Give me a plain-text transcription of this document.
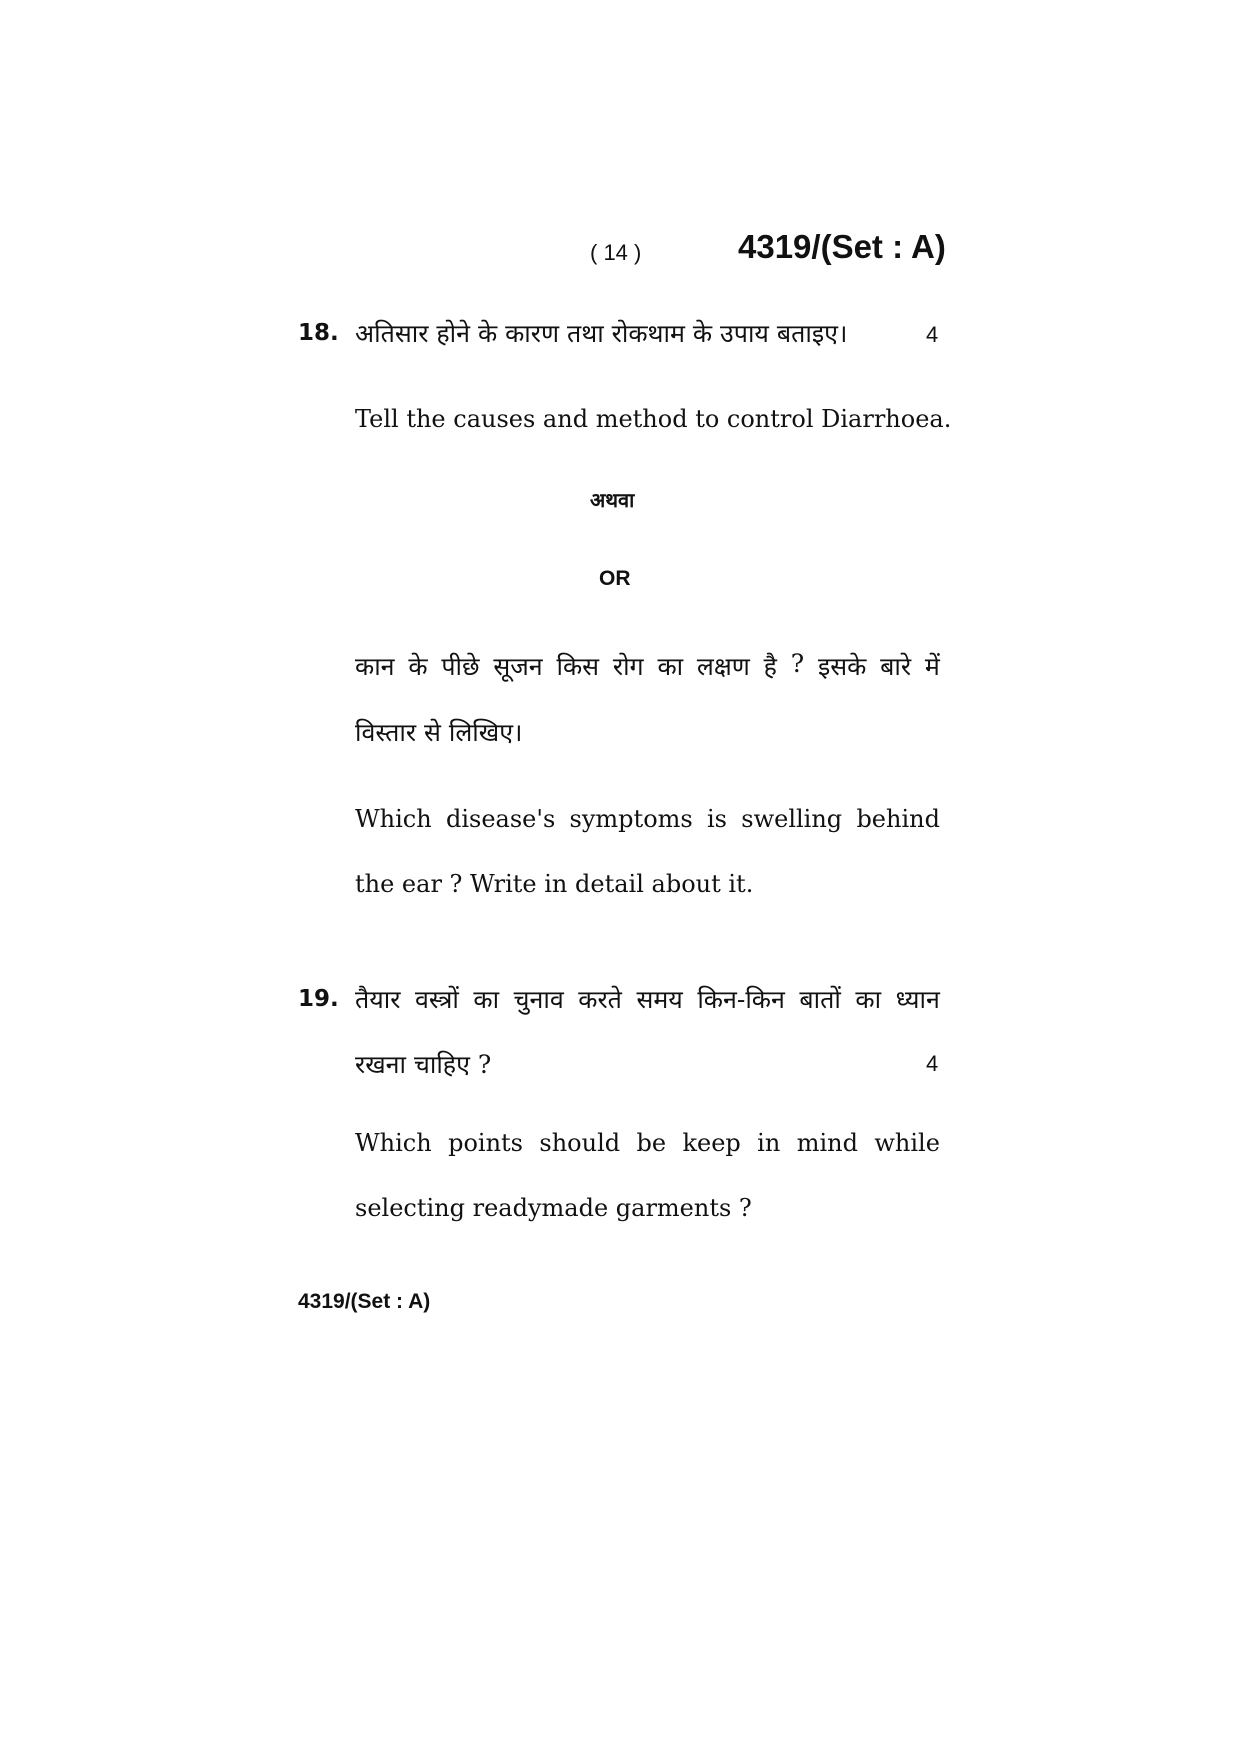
( 14 )	4319/(Set : A)
18. अतिसार होने के कारण तथा रोकथाम के उपाय बताइए।	4
Tell the causes and method to control Diarrhoea.
अथवा
OR
कान के पीछे सूजन किस रोग का लक्षण है ? इसके बारे में
विस्तार से लिखिए।
Which disease's symptoms is swelling behind
the ear ? Write in detail about it.
19. तैयार वस्त्रों का चुनाव करते समय किन-किन बातों का ध्यान
रखना चाहिए ?	4
Which points should be keep in mind while
selecting readymade garments ?
4319/(Set : A)
